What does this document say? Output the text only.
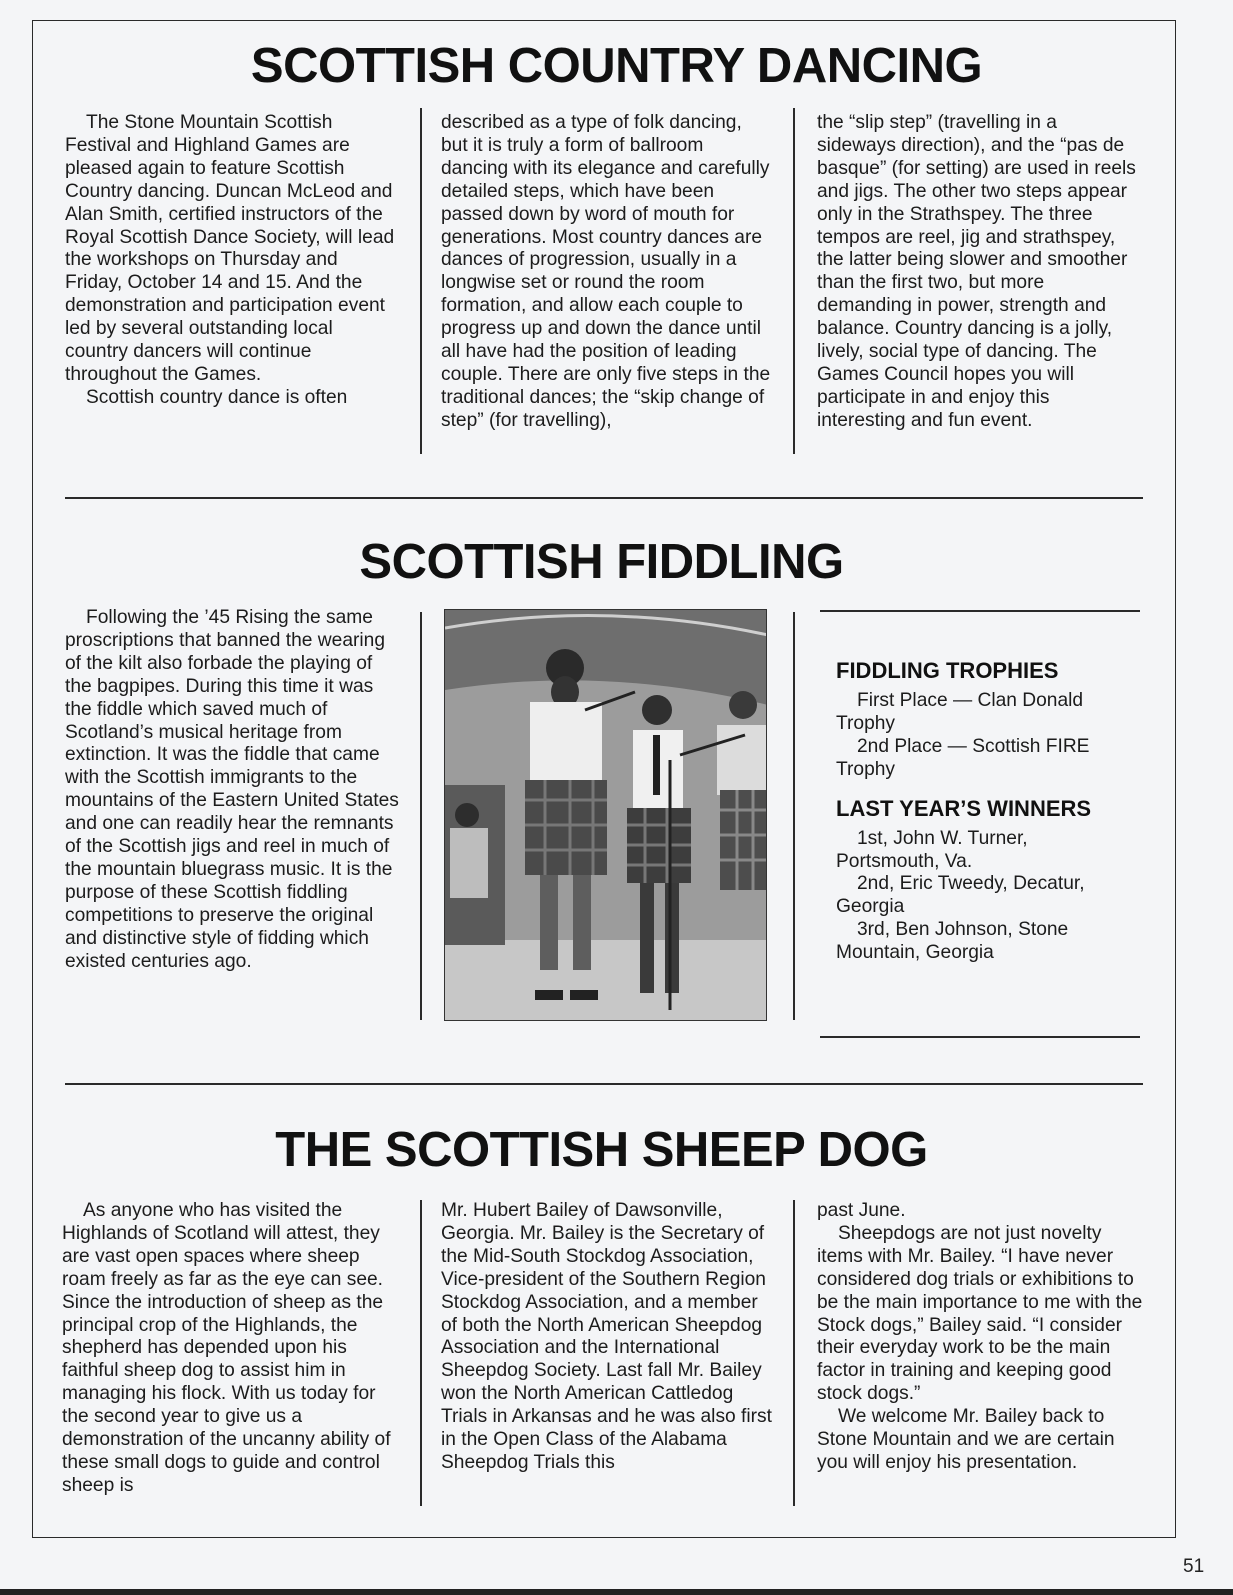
SCOTTISH COUNTRY DANCING

The Stone Mountain Scottish Festival and Highland Games are pleased again to feature Scottish Country dancing. Duncan McLeod and Alan Smith, certified instructors of the Royal Scottish Dance Society, will lead the workshops on Thursday and Friday, October 14 and 15. And the demonstration and participation event led by several outstanding local country dancers will continue throughout the Games.

Scottish country dance is often

described as a type of folk dancing, but it is truly a form of ballroom dancing with its elegance and carefully detailed steps, which have been passed down by word of mouth for generations. Most country dances are dances of progression, usually in a longwise set or round the room formation, and allow each couple to progress up and down the dance until all have had the position of leading couple. There are only five steps in the traditional dances; the “skip change of step” (for travelling),

the “slip step” (travelling in a sideways direction), and the “pas de basque” (for setting) are used in reels and jigs. The other two steps appear only in the Strathspey. The three tempos are reel, jig and strathspey, the latter being slower and smoother than the first two, but more demanding in power, strength and balance. Country dancing is a jolly, lively, social type of dancing. The Games Council hopes you will participate in and enjoy this interesting and fun event.

SCOTTISH FIDDLING

Following the ’45 Rising the same proscriptions that banned the wearing of the kilt also forbade the playing of the bagpipes. During this time it was the fiddle which saved much of Scotland’s musical heritage from extinction. It was the fiddle that came with the Scottish immigrants to the mountains of the Eastern United States and one can readily hear the remnants of the Scottish jigs and reel in much of the mountain bluegrass music. It is the purpose of these Scottish fiddling competitions to preserve the original and distinctive style of fidding which existed centuries ago.

FIDDLING TROPHIES

First Place — Clan Donald Trophy

2nd Place — Scottish FIRE Trophy

LAST YEAR’S WINNERS

1st, John W. Turner, Portsmouth, Va.

2nd, Eric Tweedy, Decatur, Georgia

3rd, Ben Johnson, Stone Mountain, Georgia

THE SCOTTISH SHEEP DOG

As anyone who has visited the Highlands of Scotland will attest, they are vast open spaces where sheep roam freely as far as the eye can see. Since the introduction of sheep as the principal crop of the Highlands, the shepherd has depended upon his faithful sheep dog to assist him in managing his flock. With us today for the second year to give us a demonstration of the uncanny ability of these small dogs to guide and control sheep is

Mr. Hubert Bailey of Dawsonville, Georgia. Mr. Bailey is the Secretary of the Mid-South Stockdog Association, Vice-president of the Southern Region Stockdog Association, and a member of both the North American Sheepdog Association and the International Sheepdog Society. Last fall Mr. Bailey won the North American Cattledog Trials in Arkansas and he was also first in the Open Class of the Alabama Sheepdog Trials this

past June.

Sheepdogs are not just novelty items with Mr. Bailey. “I have never considered dog trials or exhibitions to be the main importance to me with the Stock dogs,” Bailey said. “I consider their everyday work to be the main factor in training and keeping good stock dogs.”

We welcome Mr. Bailey back to Stone Mountain and we are certain you will enjoy his presentation.

51
